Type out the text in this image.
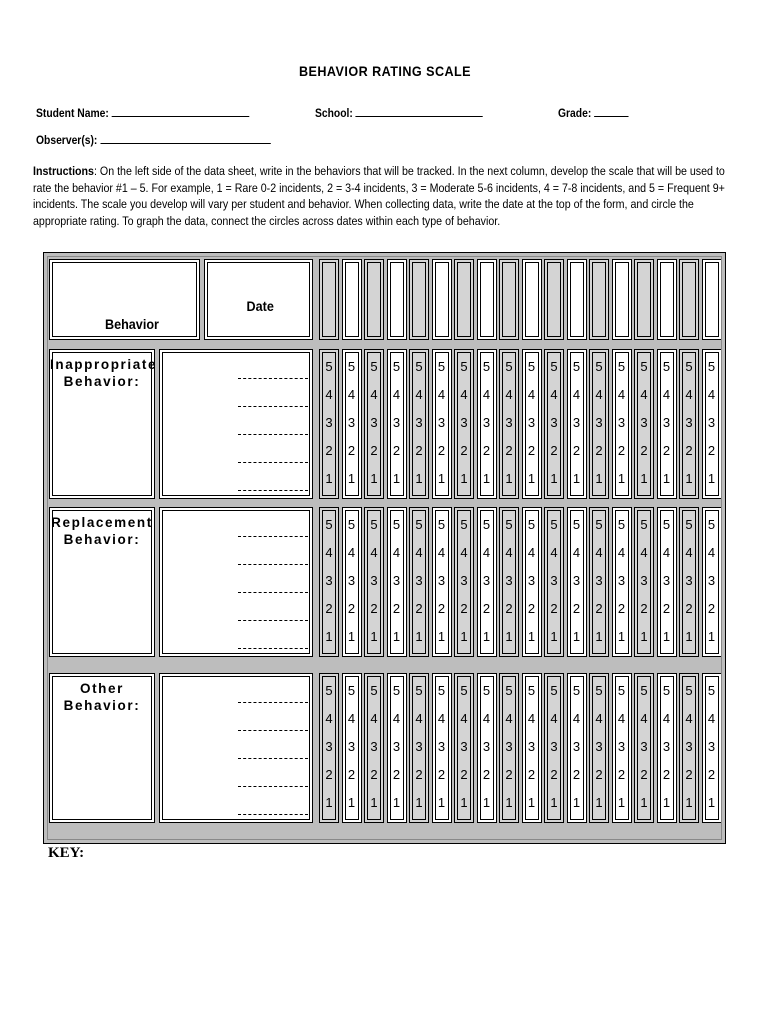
BEHAVIOR RATING SCALE
Student Name:	School:	Grade:
Observer(s):
Instructions: On the left side of the data sheet, write in the behaviors that will be tracked. In the next column, develop the scale that will be used to rate the behavior #1 – 5. For example, 1 = Rare 0-2 incidents, 2 = 3-4 incidents, 3 = Moderate 5-6 incidents, 4 = 7-8 incidents, and 5 = Frequent 9+ incidents. The scale you develop will vary per student and behavior. When collecting data, write the date at the top of the form, and circle the appropriate rating. To graph the data, connect the circles across dates within each type of behavior.
Behavior
Date
Inappropriate
Behavior:
Replacement
Behavior:
Other
Behavior:
5
4
3
2
1
5
4
3
2
1
5
4
3
2
1
5
4
3
2
1
5
4
3
2
1
5
4
3
2
1
5
4
3
2
1
5
4
3
2
1
5
4
3
2
1
5
4
3
2
1
5
4
3
2
1
5
4
3
2
1
5
4
3
2
1
5
4
3
2
1
5
4
3
2
1
5
4
3
2
1
5
4
3
2
1
5
4
3
2
1
5
4
3
2
1
5
4
3
2
1
5
4
3
2
1
5
4
3
2
1
5
4
3
2
1
5
4
3
2
1
5
4
3
2
1
5
4
3
2
1
5
4
3
2
1
5
4
3
2
1
5
4
3
2
1
5
4
3
2
1
5
4
3
2
1
5
4
3
2
1
5
4
3
2
1
5
4
3
2
1
5
4
3
2
1
5
4
3
2
1
5
4
3
2
1
5
4
3
2
1
5
4
3
2
1
5
4
3
2
1
5
4
3
2
1
5
4
3
2
1
5
4
3
2
1
5
4
3
2
1
5
4
3
2
1
5
4
3
2
1
5
4
3
2
1
5
4
3
2
1
5
4
3
2
1
5
4
3
2
1
5
4
3
2
1
5
4
3
2
1
5
4
3
2
1
5
4
3
2
1
KEY:
